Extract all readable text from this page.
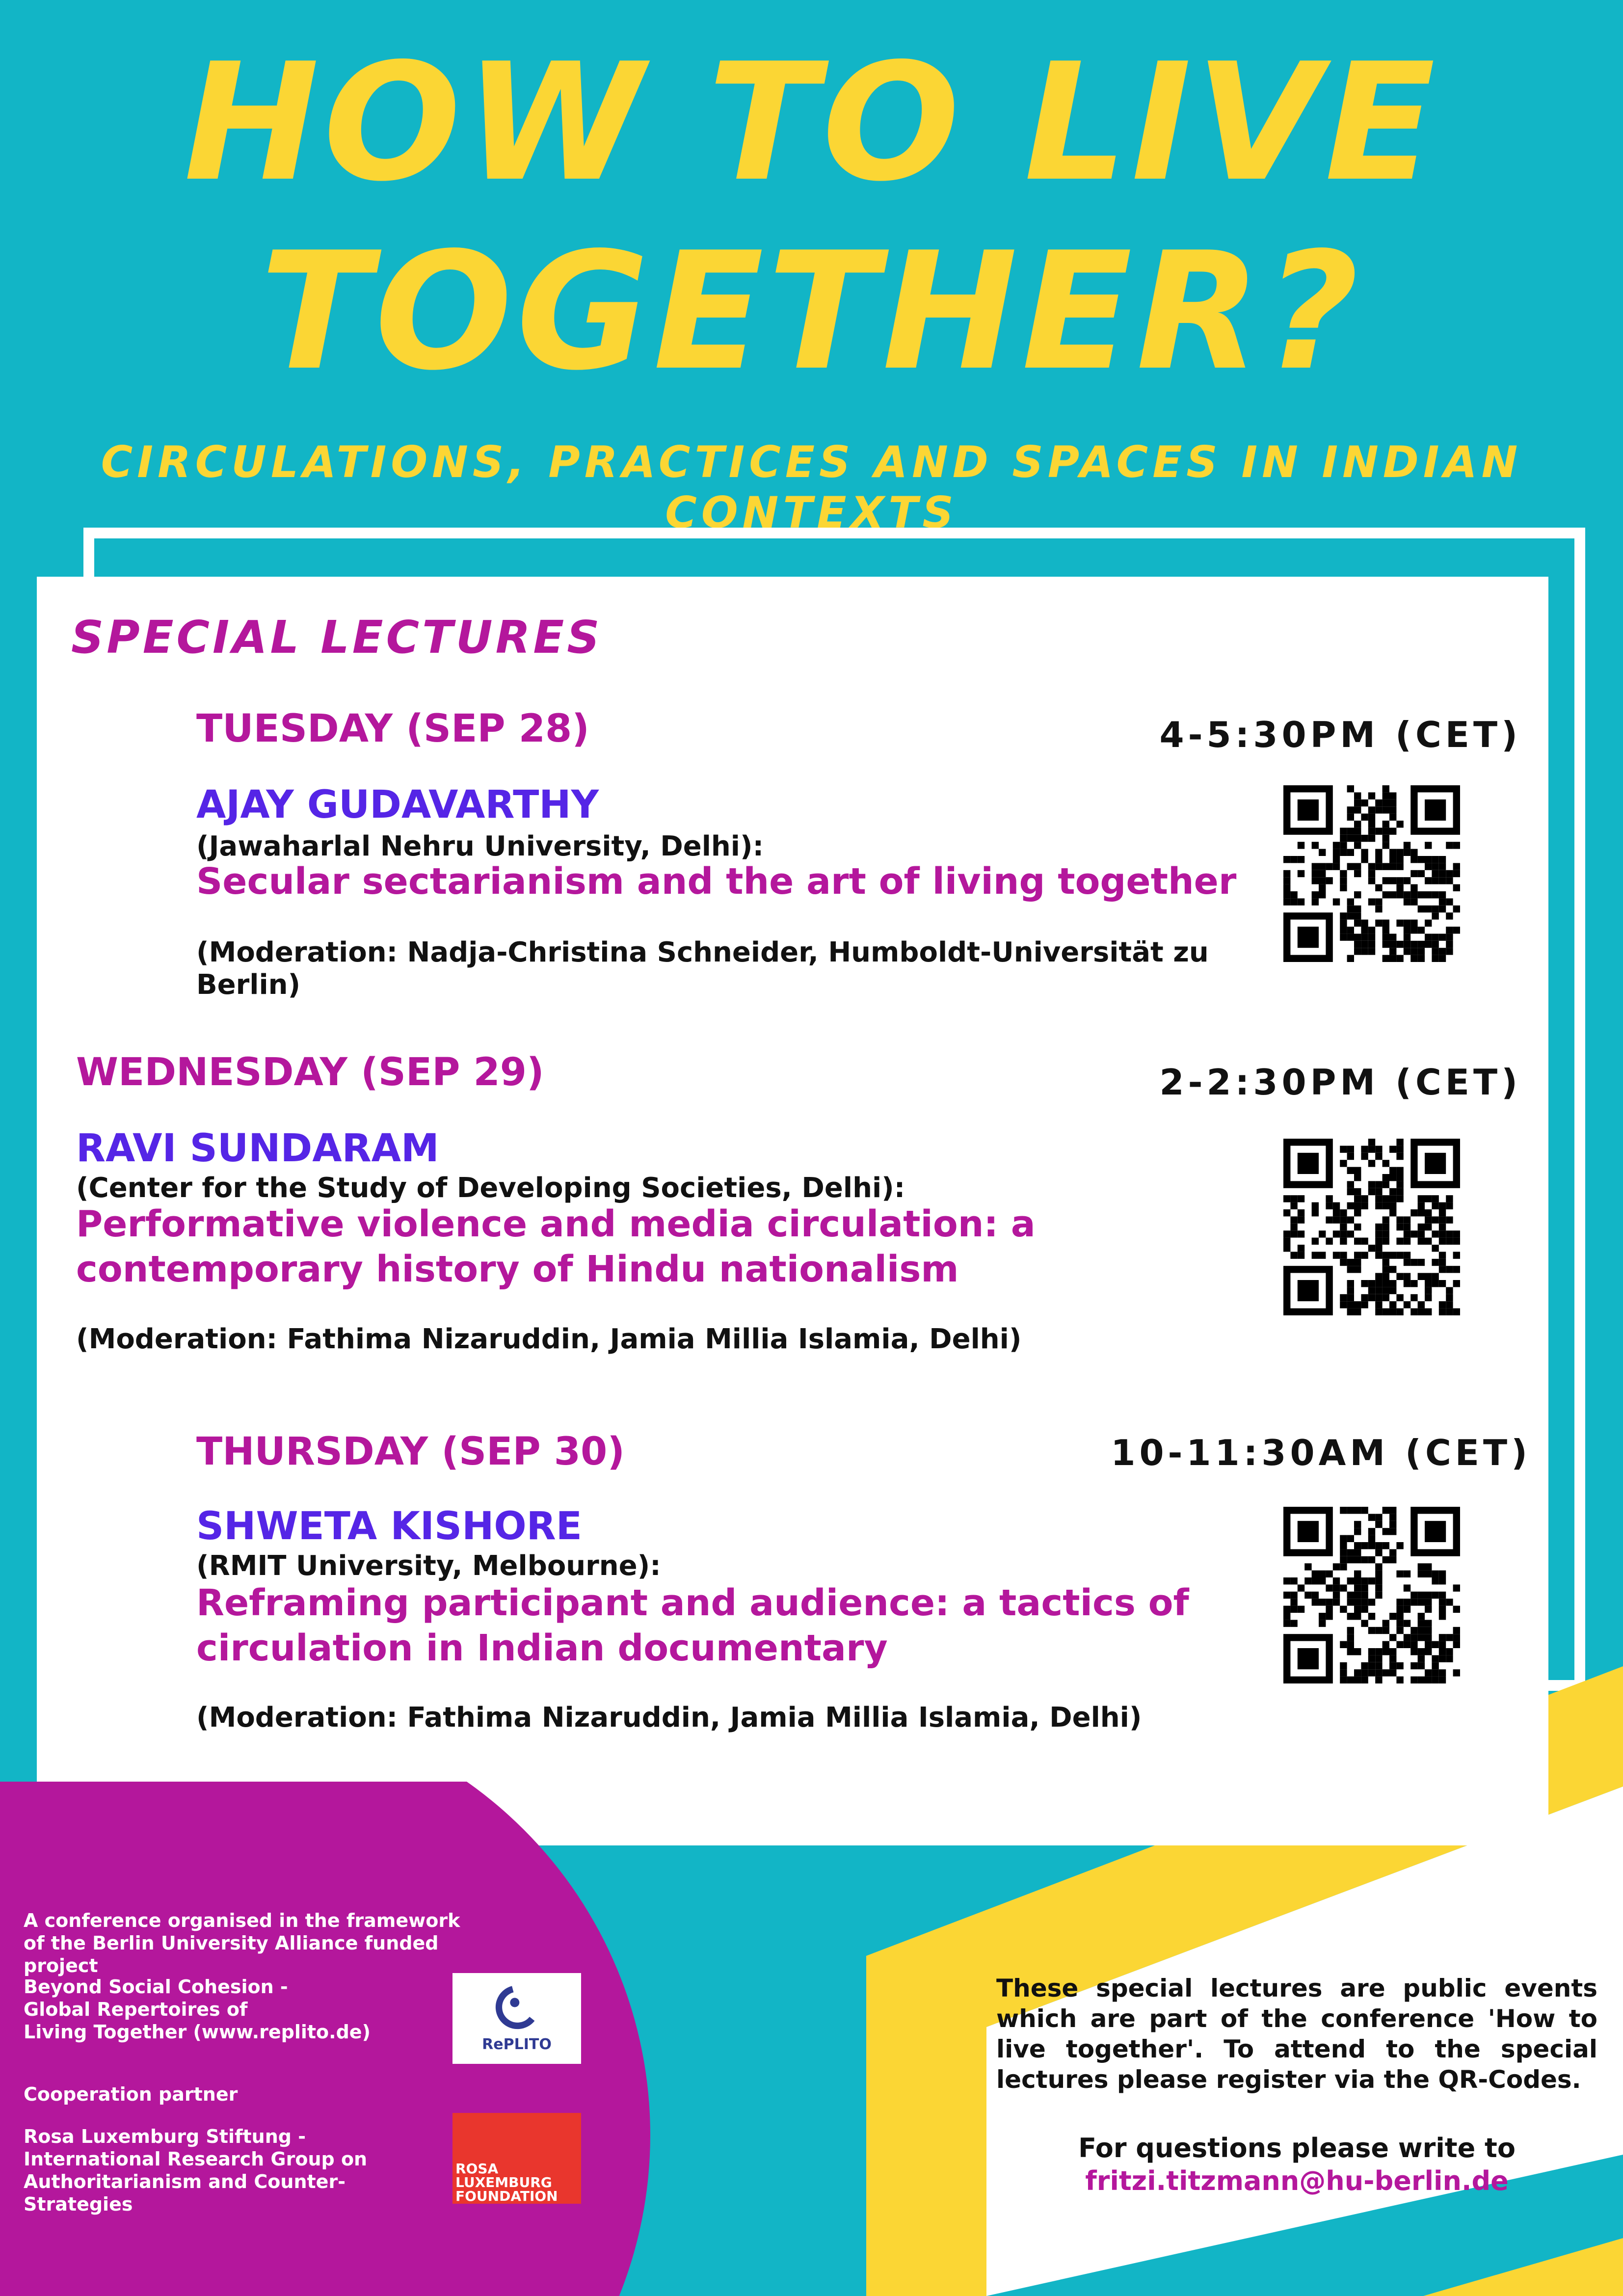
HOW TO LIVE
TOGETHER?
CIRCULATIONS, PRACTICES AND SPACES IN INDIAN CONTEXTS
SPECIAL LECTURES
TUESDAY (SEP 28)	4-5:30PM (CET)
AJAY GUDAVARTHY
(Jawaharlal Nehru University, Delhi):
Secular sectarianism and the art of living together
(Moderation: Nadja-Christina Schneider, Humboldt-Universität zu
Berlin)
WEDNESDAY (SEP 29)	2-2:30PM (CET)
RAVI SUNDARAM
(Center for the Study of Developing Societies, Delhi):
Performative violence and media circulation: a
contemporary history of Hindu nationalism
(Moderation: Fathima Nizaruddin, Jamia Millia Islamia, Delhi)
THURSDAY (SEP 30)	10-11:30AM (CET)
SHWETA KISHORE
(RMIT University, Melbourne):
Reframing participant and audience: a tactics of
circulation in Indian documentary
(Moderation: Fathima Nizaruddin, Jamia Millia Islamia, Delhi)
A conference organised in the framework
of the Berlin University Alliance funded project
Beyond Social Cohesion -
Global Repertoires of
Living Together (www.replito.de)
RePLITO
Cooperation partner
Rosa Luxemburg Stiftung -
International Research Group on
Authoritarianism and Counter-Strategies
ROSA
LUXEMBURG
FOUNDATION
These special lectures are public events which are part of the conference 'How to live together'. To attend to the special lectures please register via the QR-Codes.
For questions please write to
fritzi.titzmann@hu-berlin.de
